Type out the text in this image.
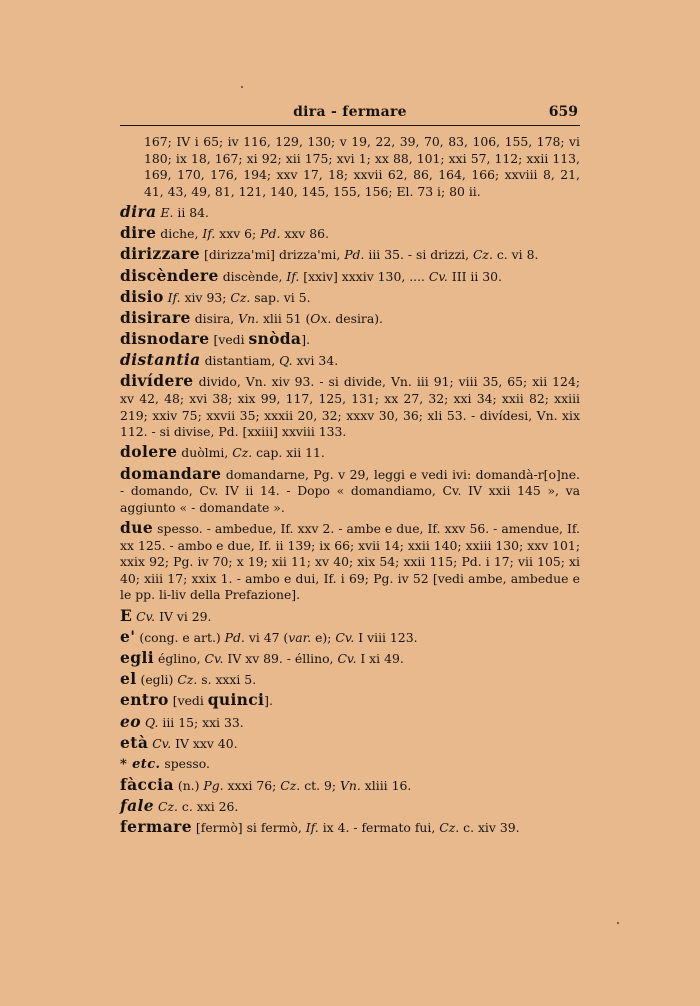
dira - fermare	659
167; IV i 65; iv 116, 129, 130; v 19, 22, 39, 70, 83, 106, 155, 178; vi 180; ix 18, 167; xi 92; xii 175; xvi 1; xx 88, 101; xxi 57, 112; xxii 113, 169, 170, 176, 194; xxv 17, 18; xxvii 62, 86, 164, 166; xxviii 8, 21, 41, 43, 49, 81, 121, 140, 145, 155, 156; El. 73 i; 80 ii.
dira E. ii 84.
dire diche, If. xxv 6; Pd. xxv 86.
dirizzare [dirizza'mi] drizza'mi, Pd. iii 35. - si drizzi, Cz. c. vi 8.
discèndere discènde, If. [xxiv] xxxiv 130, .... Cv. III ii 30.
disio If. xiv 93; Cz. sap. vi 5.
disirare disira, Vn. xlii 51 (Ox. desira).
disnodare [vedi snòda].
distantia distantiam, Q. xvi 34.
divídere divido, Vn. xiv 93. - si divide, Vn. iii 91; viii 35, 65; xii 124; xv 42, 48; xvi 38; xix 99, 117, 125, 131; xx 27, 32; xxi 34; xxii 82; xxiii 219; xxiv 75; xxvii 35; xxxii 20, 32; xxxv 30, 36; xli 53. - divídesi, Vn. xix 112. - si divise, Pd. [xxiii] xxviii 133.
dolere duòlmi, Cz. cap. xii 11.
domandare domandarne, Pg. v 29, leggi e vedi ivi: domandà-r[o]ne. - domando, Cv. IV ii 14. - Dopo « domandiamo, Cv. IV xxii 145 », va aggiunto « - domandate ».
due spesso. - ambedue, If. xxv 2. - ambe e due, If. xxv 56. - amendue, If. xx 125. - ambo e due, If. ii 139; ix 66; xvii 14; xxii 140; xxiii 130; xxv 101; xxix 92; Pg. iv 70; x 19; xii 11; xv 40; xix 54; xxii 115; Pd. i 17; vii 105; xi 40; xiii 17; xxix 1. - ambo e dui, If. i 69; Pg. iv 52 [vedi ambe, ambedue e le pp. li-liv della Prefazione].
E Cv. IV vi 29.
e' (cong. e art.) Pd. vi 47 (var. e); Cv. I viii 123.
egli églino, Cv. IV xv 89. - éllino, Cv. I xi 49.
el (egli) Cz. s. xxxi 5.
entro [vedi quinci].
eo Q. iii 15; xxi 33.
età Cv. IV xxv 40.
* etc. spesso.
fàccia (n.) Pg. xxxi 76; Cz. ct. 9; Vn. xliii 16.
fale Cz. c. xxi 26.
fermare [fermò] si fermò, If. ix 4. - fermato fui, Cz. c. xiv 39.
